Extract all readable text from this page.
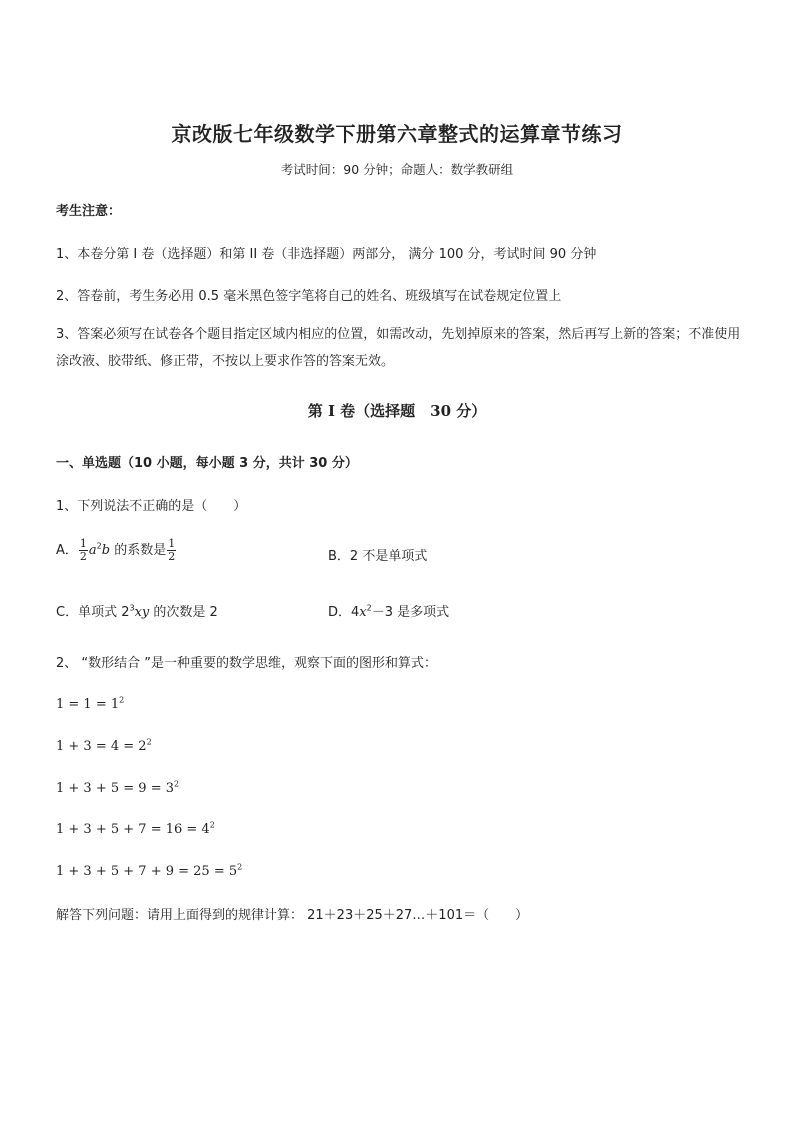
京改版七年级数学下册第六章整式的运算章节练习
考试时间：90 分钟；命题人：数学教研组
考生注意：
1、本卷分第 I 卷（选择题）和第 II 卷（非选择题）两部分， 满分 100 分，考试时间 90 分钟
2、答卷前，考生务必用 0.5 毫米黑色签字笔将自己的姓名、班级填写在试卷规定位置上
3、答案必须写在试卷各个题目指定区域内相应的位置，如需改动，先划掉原来的答案，然后再写上新的答案；不准使用涂改液、胶带纸、修正带，不按以上要求作答的答案无效。
第 I 卷（选择题　30 分）
一、单选题（10 小题，每小题 3 分，共计 30 分）
1、下列说法不正确的是（　　）
A． $\frac{1}{2} a^2b$ 的系数是 $\frac{1}{2}$	B．2 不是单项式
C．单项式 $2^3xy$ 的次数是 2	D．$4x^2-3$ 是多项式
2、 “数形结合 ”是一种重要的数学思维，观察下面的图形和算式：
$1 = 1 = 1^2$
$1 + 3 = 4 = 2^2$
$1 + 3 + 5 = 9 = 3^2$
$1 + 3 + 5 + 7 = 16 = 4^2$
$1 + 3 + 5 + 7 + 9 = 25 = 5^2$
解答下列问题：请用上面得到的规律计算： 21＋23＋25＋27…＋101＝（　　）
